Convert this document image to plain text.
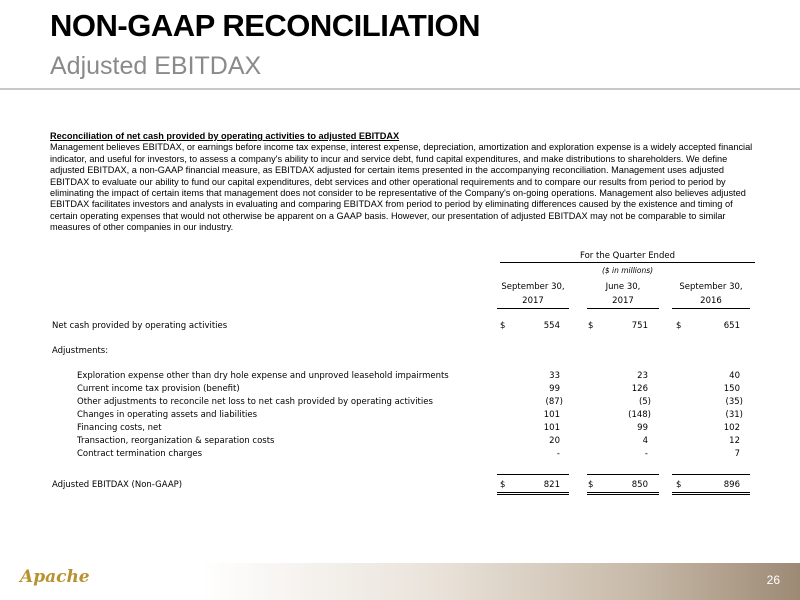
NON-GAAP RECONCILIATION
Adjusted EBITDAX
Reconciliation of net cash provided by operating activities to adjusted EBITDAX
Management believes EBITDAX, or earnings before income tax expense, interest expense, depreciation, amortization and exploration expense is a widely accepted financial indicator, and useful for investors, to assess a company's ability to incur and service debt, fund capital expenditures, and make distributions to shareholders. We define adjusted EBITDAX, a non-GAAP financial measure, as EBITDAX adjusted for certain items presented in the accompanying reconciliation. Management uses adjusted EBITDAX to evaluate our ability to fund our capital expenditures, debt services and other operational requirements and to compare our results from period to period by eliminating the impact of certain items that management does not consider to be representative of the Company's on-going operations. Management also believes adjusted EBITDAX facilitates investors and analysts in evaluating and comparing EBITDAX from period to period by eliminating differences caused by the existence and timing of certain operating expenses that would not otherwise be apparent on a GAAP basis. However, our presentation of adjusted EBITDAX may not be comparable to similar measures of other companies in our industry.
For the Quarter Ended
($ in millions)
September 30,
2017
June 30,
2017
September 30,
2016
Net cash provided by operating activities	$	554	$	751	$	651
Adjustments:
Exploration expense other than dry hole expense and unproved leasehold impairments	33	23	40
Current income tax provision (benefit)	99	126	150
Other adjustments to reconcile net loss to net cash provided by operating activities	(87)	(5)	(35)
Changes in operating assets and liabilities	101	(148)	(31)
Financing costs, net	101	99	102
Transaction, reorganization & separation costs	20	4	12
Contract termination charges	-	-	7
Adjusted EBITDAX (Non-GAAP)	$	821	$	850	$	896
Apache	26
